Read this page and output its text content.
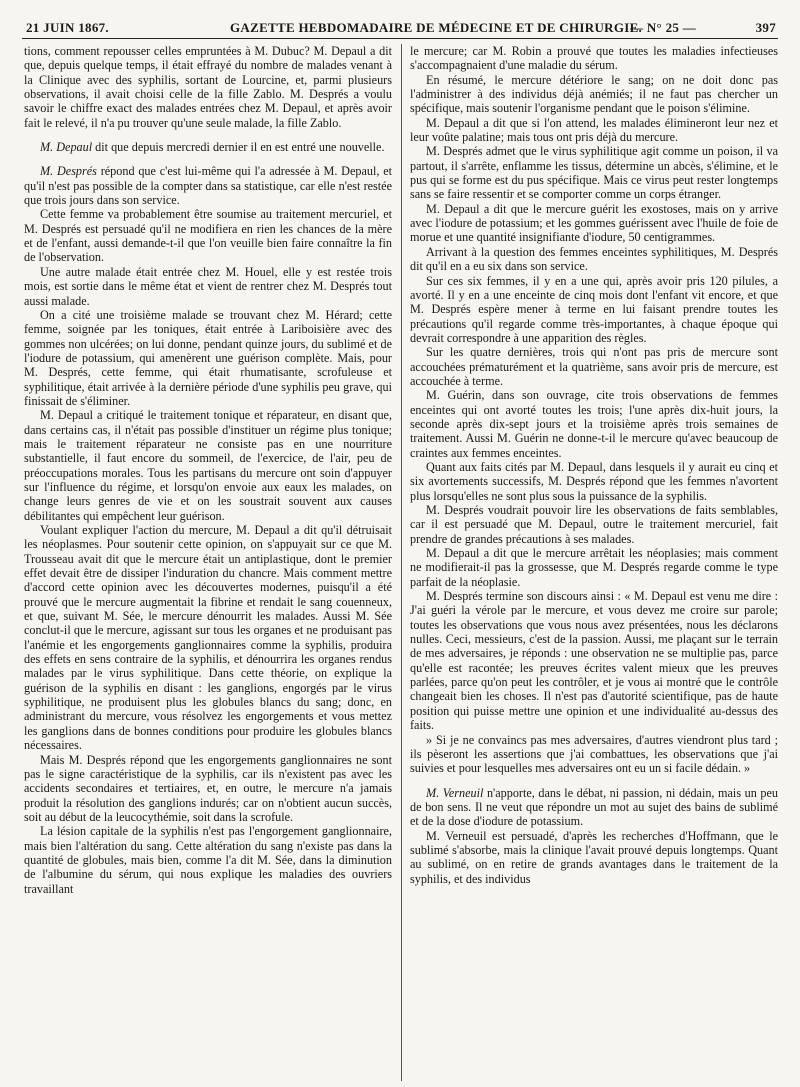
21 JUIN 1867.	GAZETTE HEBDOMADAIRE DE MÉDECINE ET DE CHIRURGIE.
— N° 25 —	397

tions, comment repousser celles empruntées à M. Dubuc? M. Depaul a dit que, depuis quelque temps, il était effrayé du nombre de malades venant à la Clinique avec des syphilis, sortant de Lourcine, et, parmi plusieurs observations, il avait choisi celle de la fille Zablo. M. Després a voulu savoir le chiffre exact des malades entrées chez M. Depaul, et après avoir fait le relevé, il n'a pu trouver qu'une seule malade, la fille Zablo.

M. Depaul dit que depuis mercredi dernier il en est entré une nouvelle.

M. Després répond que c'est lui-même qui l'a adressée à M. Depaul, et qu'il n'est pas possible de la compter dans sa statistique, car elle n'est restée que trois jours dans son service.

Cette femme va probablement être soumise au traitement mercuriel, et M. Després est persuadé qu'il ne modifiera en rien les chances de la mère et de l'enfant, aussi demande-t-il que l'on veuille bien faire connaître la fin de l'observation.

Une autre malade était entrée chez M. Houel, elle y est restée trois mois, est sortie dans le même état et vient de rentrer chez M. Després tout aussi malade.

On a cité une troisième malade se trouvant chez M. Hérard; cette femme, soignée par les toniques, était entrée à Lariboisière avec des gommes non ulcérées; on lui donne, pendant quinze jours, du sublimé et de l'iodure de potassium, qui amenèrent une guérison complète. Mais, pour M. Després, cette femme, qui était rhumatisante, scrofuleuse et syphilitique, était arrivée à la dernière période d'une syphilis peu grave, qui finissait de s'éliminer.

M. Depaul a critiqué le traitement tonique et réparateur, en disant que, dans certains cas, il n'était pas possible d'instituer un régime plus tonique; mais le traitement réparateur ne consiste pas en une nourriture substantielle, il faut encore du sommeil, de l'exercice, de l'air, peu de préoccupations morales. Tous les partisans du mercure ont soin d'appuyer sur l'influence du régime, et lorsqu'on envoie aux eaux les malades, on change leurs genres de vie et on les soustrait souvent aux causes débilitantes qui empêchent leur guérison.

Voulant expliquer l'action du mercure, M. Depaul a dit qu'il détruisait les néoplasmes. Pour soutenir cette opinion, on s'appuyait sur ce que M. Trousseau avait dit que le mercure était un antiplastique, dont le premier effet devait être de dissiper l'induration du chancre. Mais comment mettre d'accord cette opinion avec les découvertes modernes, puisqu'il a été prouvé que le mercure augmentait la fibrine et rendait le sang couenneux, et que, suivant M. Sée, le mercure dénourrit les malades. Aussi M. Sée conclut-il que le mercure, agissant sur tous les organes et ne produisant pas l'anémie et les engorgements ganglionnaires comme la syphilis, produira des effets en sens contraire de la syphilis, et dénourrira les organes rendus malades par le virus syphilitique. Dans cette théorie, on explique la guérison de la syphilis en disant : les ganglions, engorgés par le virus syphilitique, ne produisent plus les globules blancs du sang; donc, en administrant du mercure, vous résolvez les engorgements et vous mettez les ganglions dans de bonnes conditions pour produire les globules blancs nécessaires.

Mais M. Després répond que les engorgements ganglionnaires ne sont pas le signe caractéristique de la syphilis, car ils n'existent pas avec les accidents secondaires et tertiaires, et, en outre, le mercure n'a jamais produit la résolution des ganglions indurés; car on n'obtient aucun succès, soit au début de la leucocythémie, soit dans la scrofule.

La lésion capitale de la syphilis n'est pas l'engorgement ganglionnaire, mais bien l'altération du sang. Cette altération du sang n'existe pas dans la quantité de globules, mais bien, comme l'a dit M. Sée, dans la diminution de l'albumine du sérum, qui nous explique les maladies des ouvriers travaillant

le mercure; car M. Robin a prouvé que toutes les maladies infectieuses s'accompagnaient d'une maladie du sérum.

En résumé, le mercure détériore le sang; on ne doit donc pas l'administrer à des individus déjà anémiés; il ne faut pas chercher un spécifique, mais soutenir l'organisme pendant que le poison s'élimine.

M. Depaul a dit que si l'on attend, les malades élimineront leur nez et leur voûte palatine; mais tous ont pris déjà du mercure.

M. Després admet que le virus syphilitique agit comme un poison, il va partout, il s'arrête, enflamme les tissus, détermine un abcès, s'élimine, et le pus qui se forme est du pus spécifique. Mais ce virus peut rester longtemps sans se faire ressentir et se comporter comme un corps étranger.

M. Depaul a dit que le mercure guérit les exostoses, mais on y arrive avec l'iodure de potassium; et les gommes guérissent avec l'huile de foie de morue et une quantité insignifiante d'iodure, 50 centigrammes.

Arrivant à la question des femmes enceintes syphilitiques, M. Després dit qu'il en a eu six dans son service.

Sur ces six femmes, il y en a une qui, après avoir pris 120 pilules, a avorté. Il y en a une enceinte de cinq mois dont l'enfant vit encore, et que M. Després espère mener à terme en lui faisant prendre toutes les précautions qu'il regarde comme très-importantes, à chaque époque qui devrait correspondre à une apparition des règles.

Sur les quatre dernières, trois qui n'ont pas pris de mercure sont accouchées prématurément et la quatrième, sans avoir pris de mercure, est accouchée à terme.

M. Guérin, dans son ouvrage, cite trois observations de femmes enceintes qui ont avorté toutes les trois; l'une après dix-huit jours, la seconde après dix-sept jours et la troisième après trois semaines de traitement. Aussi M. Guérin ne donne-t-il le mercure qu'avec beaucoup de craintes aux femmes enceintes.

Quant aux faits cités par M. Depaul, dans lesquels il y aurait eu cinq et six avortements successifs, M. Després répond que les femmes n'avortent plus lorsqu'elles ne sont plus sous la puissance de la syphilis.

M. Després voudrait pouvoir lire les observations de faits semblables, car il est persuadé que M. Depaul, outre le traitement mercuriel, fait prendre de grandes précautions à ses malades.

M. Depaul a dit que le mercure arrêtait les néoplasies; mais comment ne modifierait-il pas la grossesse, que M. Després regarde comme le type parfait de la néoplasie.

M. Després termine son discours ainsi : « M. Depaul est venu me dire : J'ai guéri la vérole par le mercure, et vous devez me croire sur parole; toutes les observations que vous nous avez présentées, nous les déclarons nulles. Ceci, messieurs, c'est de la passion. Aussi, me plaçant sur le terrain de mes adversaires, je réponds : une observation ne se multiplie pas, parce qu'elle est racontée; les preuves écrites valent mieux que les preuves parlées, parce qu'on peut les contrôler, et je vous ai montré que le contrôle changeait bien les choses. Il n'est pas d'autorité scientifique, pas de haute position qui puisse mettre une opinion et une individualité au-dessus des faits.

» Si je ne convaincs pas mes adversaires, d'autres viendront plus tard ; ils pèseront les assertions que j'ai combattues, les observations que j'ai suivies et pour lesquelles mes adversaires ont eu un si facile dédain. »

M. Verneuil n'apporte, dans le débat, ni passion, ni dédain, mais un peu de bon sens. Il ne veut que répondre un mot au sujet des bains de sublimé et de la dose d'iodure de potassium.

M. Verneuil est persuadé, d'après les recherches d'Hoffmann, que le sublimé s'absorbe, mais la clinique l'avait prouvé depuis longtemps. Quant au sublimé, on en retire de grands avantages dans le traitement de la syphilis, et des individus
